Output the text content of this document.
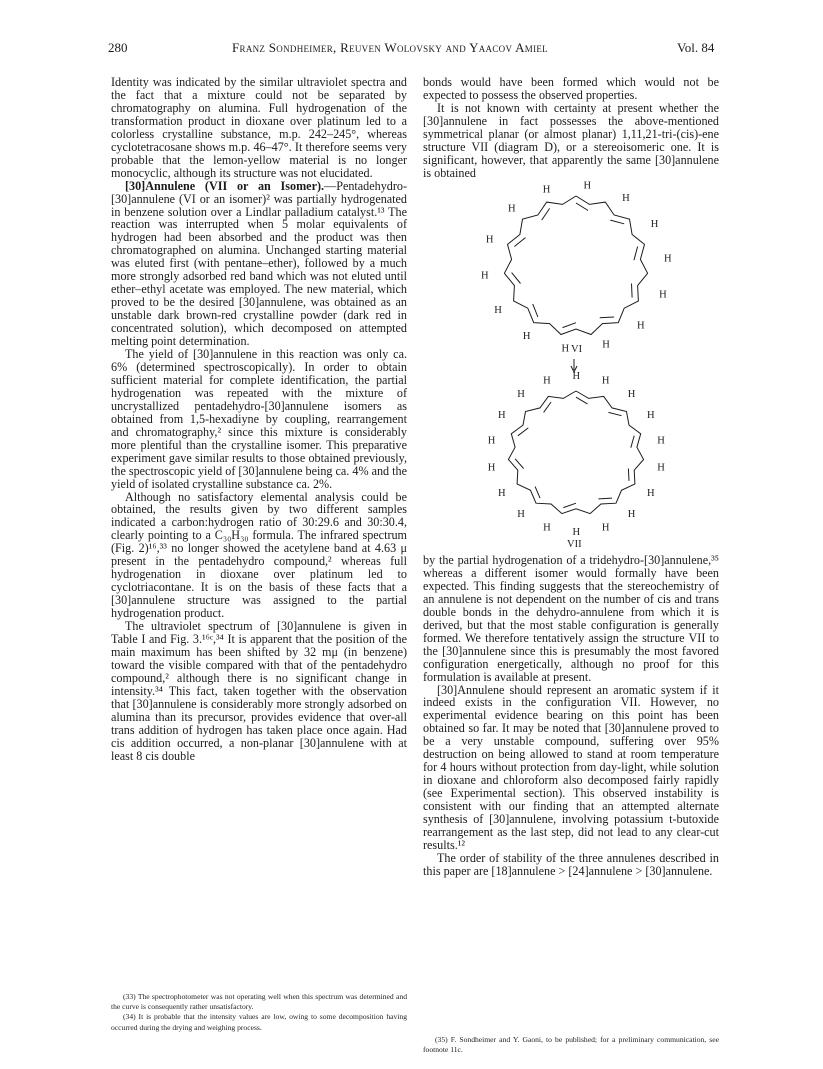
280	Franz Sondheimer, Reuven Wolovsky and Yaacov Amiel	Vol. 84

Identity was indicated by the similar ultraviolet spectra and the fact that a mixture could not be separated by chromatography on alumina. Full hydrogenation of the transformation product in dioxane over platinum led to a colorless crystalline substance, m.p. 242–245°, whereas cyclotetracosane shows m.p. 46–47°. It therefore seems very probable that the lemon-yellow material is no longer monocyclic, although its structure was not elucidated.

[30]Annulene (VII or an Isomer).—Pentadehydro-[30]annulene (VI or an isomer)² was partially hydrogenated in benzene solution over a Lindlar palladium catalyst.¹³ The reaction was interrupted when 5 molar equivalents of hydrogen had been absorbed and the product was then chromatographed on alumina. Unchanged starting material was eluted first (with pentane–ether), followed by a much more strongly adsorbed red band which was not eluted until ether–ethyl acetate was employed. The new material, which proved to be the desired [30]annulene, was obtained as an unstable dark brown-red crystalline powder (dark red in concentrated solution), which decomposed on attempted melting point determination.

The yield of [30]annulene in this reaction was only ca. 6% (determined spectroscopically). In order to obtain sufficient material for complete identification, the partial hydrogenation was repeated with the mixture of uncrystallized pentadehydro-[30]annulene isomers as obtained from 1,5-hexadiyne by coupling, rearrangement and chromatography,² since this mixture is considerably more plentiful than the crystalline isomer. This preparative experiment gave similar results to those obtained previously, the spectroscopic yield of [30]annulene being ca. 4% and the yield of isolated crystalline substance ca. 2%.

Although no satisfactory elemental analysis could be obtained, the results given by two different samples indicated a carbon:hydrogen ratio of 30:29.6 and 30:30.4, clearly pointing to a C₃₀H₃₀ formula. The infrared spectrum (Fig. 2)¹⁶,³³ no longer showed the acetylene band at 4.63 μ present in the pentadehydro compound,² whereas full hydrogenation in dioxane over platinum led to cyclotriacontane. It is on the basis of these facts that a [30]annulene structure was assigned to the partial hydrogenation product.

The ultraviolet spectrum of [30]annulene is given in Table I and Fig. 3.¹⁶ᶜ,³⁴ It is apparent that the position of the main maximum has been shifted by 32 mμ (in benzene) toward the visible compared with that of the pentadehydro compound,² although there is no significant change in intensity.³⁴ This fact, taken together with the observation that [30]annulene is considerably more strongly adsorbed on alumina than its precursor, provides evidence that over-all trans addition of hydrogen has taken place once again. Had cis addition occurred, a non-planar [30]annulene with at least 8 cis double

bonds would have been formed which would not be expected to possess the observed properties.

It is not known with certainty at present whether the [30]annulene in fact possesses the above-mentioned symmetrical planar (or almost planar) 1,11,21-tri-(cis)-ene structure VII (diagram D), or a stereoisomeric one. It is significant, however, that apparently the same [30]annulene is obtained

H
H
H
H
H
H
H
H
H
H
H
H
H
H
H H
H
H
H
H
H
H
H
H
H
H
H
H
H
H
H
H
VI
VII

by the partial hydrogenation of a tridehydro-[30]annulene,³⁵ whereas a different isomer would formally have been expected. This finding suggests that the stereochemistry of an annulene is not dependent on the number of cis and trans double bonds in the dehydro-annulene from which it is derived, but that the most stable configuration is generally formed. We therefore tentatively assign the structure VII to the [30]annulene since this is presumably the most favored configuration energetically, although no proof for this formulation is available at present.

[30]Annulene should represent an aromatic system if it indeed exists in the configuration VII. However, no experimental evidence bearing on this point has been obtained so far. It may be noted that [30]annulene proved to be a very unstable compound, suffering over 95% destruction on being allowed to stand at room temperature for 4 hours without protection from day-light, while solution in dioxane and chloroform also decomposed fairly rapidly (see Experimental section). This observed instability is consistent with our finding that an attempted alternate synthesis of [30]annulene, involving potassium t-butoxide rearrangement as the last step, did not lead to any clear-cut results.¹²

The order of stability of the three annulenes described in this paper are [18]annulene > [24]annulene > [30]annulene.

(33) The spectrophotometer was not operating well when this spectrum was determined and the curve is consequently rather unsatisfactory.

(34) It is probable that the intensity values are low, owing to some decomposition having occurred during the drying and weighing process.

(35) F. Sondheimer and Y. Gaoni, to be published; for a preliminary communication, see footnote 11c.
